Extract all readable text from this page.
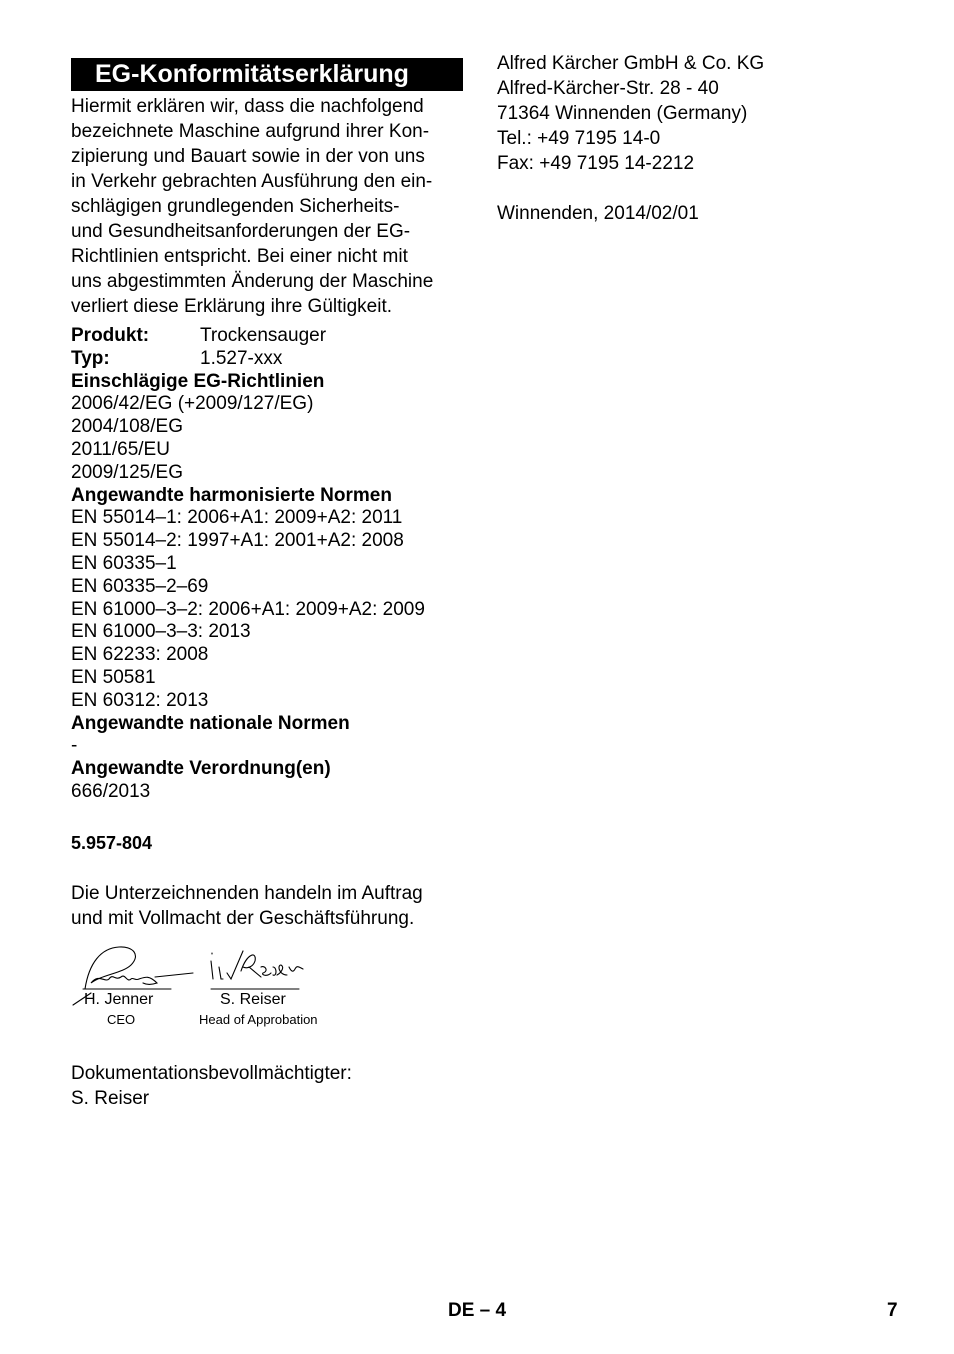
EG-Konformitätserklärung
Hiermit erklären wir, dass die nachfolgend
bezeichnete Maschine aufgrund ihrer Kon-
zipierung und Bauart sowie in der von uns
in Verkehr gebrachten Ausführung den ein-
schlägigen grundlegenden Sicherheits-
und Gesundheitsanforderungen der EG-
Richtlinien entspricht. Bei einer nicht mit
uns abgestimmten Änderung der Maschine
verliert diese Erklärung ihre Gültigkeit.
Produkt:	Trockensauger
Typ:	1.527-xxx
Einschlägige EG-Richtlinien
2006/42/EG (+2009/127/EG)
2004/108/EG
2011/65/EU
2009/125/EG
Angewandte harmonisierte Normen
EN 55014–1: 2006+A1: 2009+A2: 2011
EN 55014–2: 1997+A1: 2001+A2: 2008
EN 60335–1
EN 60335–2–69
EN 61000–3–2: 2006+A1: 2009+A2: 2009
EN 61000–3–3: 2013
EN 62233: 2008
EN 50581
EN 60312: 2013
Angewandte nationale Normen
-
Angewandte Verordnung(en)
666/2013
5.957-804
Die Unterzeichnenden handeln im Auftrag
und mit Vollmacht der Geschäftsführung.
H. Jenner
CEO
S. Reiser
Head of Approbation
Dokumentationsbevollmächtigter:
S. Reiser
Alfred Kärcher GmbH & Co. KG
Alfred-Kärcher-Str. 28 - 40
71364 Winnenden (Germany)
Tel.: +49 7195 14-0
Fax: +49 7195 14-2212
Winnenden, 2014/02/01
DE – 4	7
